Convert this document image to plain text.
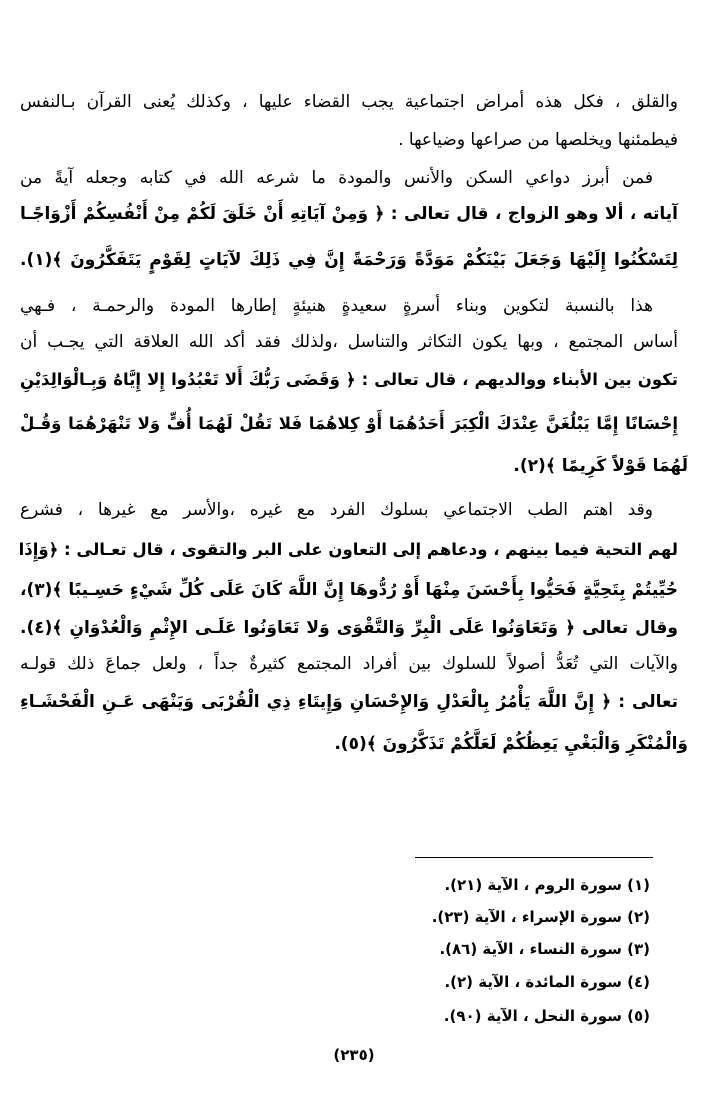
والقلق ، فكل هذه أمراض اجتماعية يجب القضاء عليها ، وكذلك يُعنى القرآن بـالنفس
فيطمئنها ويخلصها من صراعها وضياعها .
فمن أبرز دواعي السكن والأنس والمودة ما شرعه الله في كتابه وجعله آيةً من
آياته ، ألا وهو الزواج ، قال تعالى : ﴿ وَمِنْ آيَاتِهِ أَنْ خَلَقَ لَكُمْ مِنْ أَنْفُسِكُمْ أَزْوَاجًـا
لِتَسْكُنُوا إِلَيْهَا وَجَعَلَ بَيْنَكُمْ مَوَدَّةً وَرَحْمَةً إِنَّ فِي ذَلِكَ لآيَاتٍ لِقَوْمٍ يَتَفَكَّرُونَ ﴾(١).
هذا بالنسبة لتكوين وبناء أسرةٍ سعيدةٍ هنيئةٍ إطارها المودة والرحمـة ، فـهي
أساس المجتمع ، وبها يكون التكاثر والتناسل ،ولذلك فقد أكد الله العلاقة التي يجـب أن
تكون بين الأبناء ووالديهم ، قال تعالى : ﴿ وَقَضَى رَبُّكَ أَلا تَعْبُدُوا إِلا إِيَّاهُ وَبِـالْوَالِدَيْنِ
إِحْسَانًا إِمَّا يَبْلُغَنَّ عِنْدَكَ الْكِبَرَ أَحَدُهُمَا أَوْ كِلاهُمَا فَلا تَقُلْ لَهُمَا أُفٍّ وَلا تَنْهَرْهُمَا وَقُـلْ
لَهُمَا قَوْلاً كَرِيمًا ﴾(٢).
وقد اهتم الطب الاجتماعي بسلوك الفرد مع غيره ،والأسر مع غيرها ، فشرع
لهم التحية فيما بينهم ، ودعاهم إلى التعاون على البر والتقوى ، قال تعـالى : ﴿وَإِذَا
حُيِّيتُمْ بِتَحِيَّةٍ فَحَيُّوا بِأَحْسَنَ مِنْهَا أَوْ رُدُّوهَا إِنَّ اللَّهَ كَانَ عَلَى كُلِّ شَيْءٍ حَسِـيبًا ﴾(٣)،
وقال تعالى ﴿ وَتَعَاوَنُوا عَلَى الْبِرِّ وَالتَّقْوَى وَلا تَعَاوَنُوا عَلَـى الإِثْمِ وَالْعُدْوَانِ ﴾(٤).
والآيات التي تُعَدُّ أصولاً للسلوك بين أفراد المجتمع كثيرةٌ جداً ، ولعل جماعَ ذلك قولـه
تعالى : ﴿ إِنَّ اللَّهَ يَأْمُرُ بِالْعَدْلِ وَالإِحْسَانِ وَإِيتَاءِ ذِي الْقُرْبَى وَيَنْهَى عَـنِ الْفَحْشَـاءِ
وَالْمُنْكَرِ وَالْبَغْيِ يَعِظُكُمْ لَعَلَّكُمْ تَذَكَّرُونَ ﴾(٥).
(١) سورة الروم ، الآية (٢١).
(٢) سورة الإسراء ، الآية (٢٣).
(٣) سورة النساء ، الآية (٨٦).
(٤) سورة المائدة ، الآية (٢).
(٥) سورة النحل ، الآية (٩٠).
(٢٣٥)
